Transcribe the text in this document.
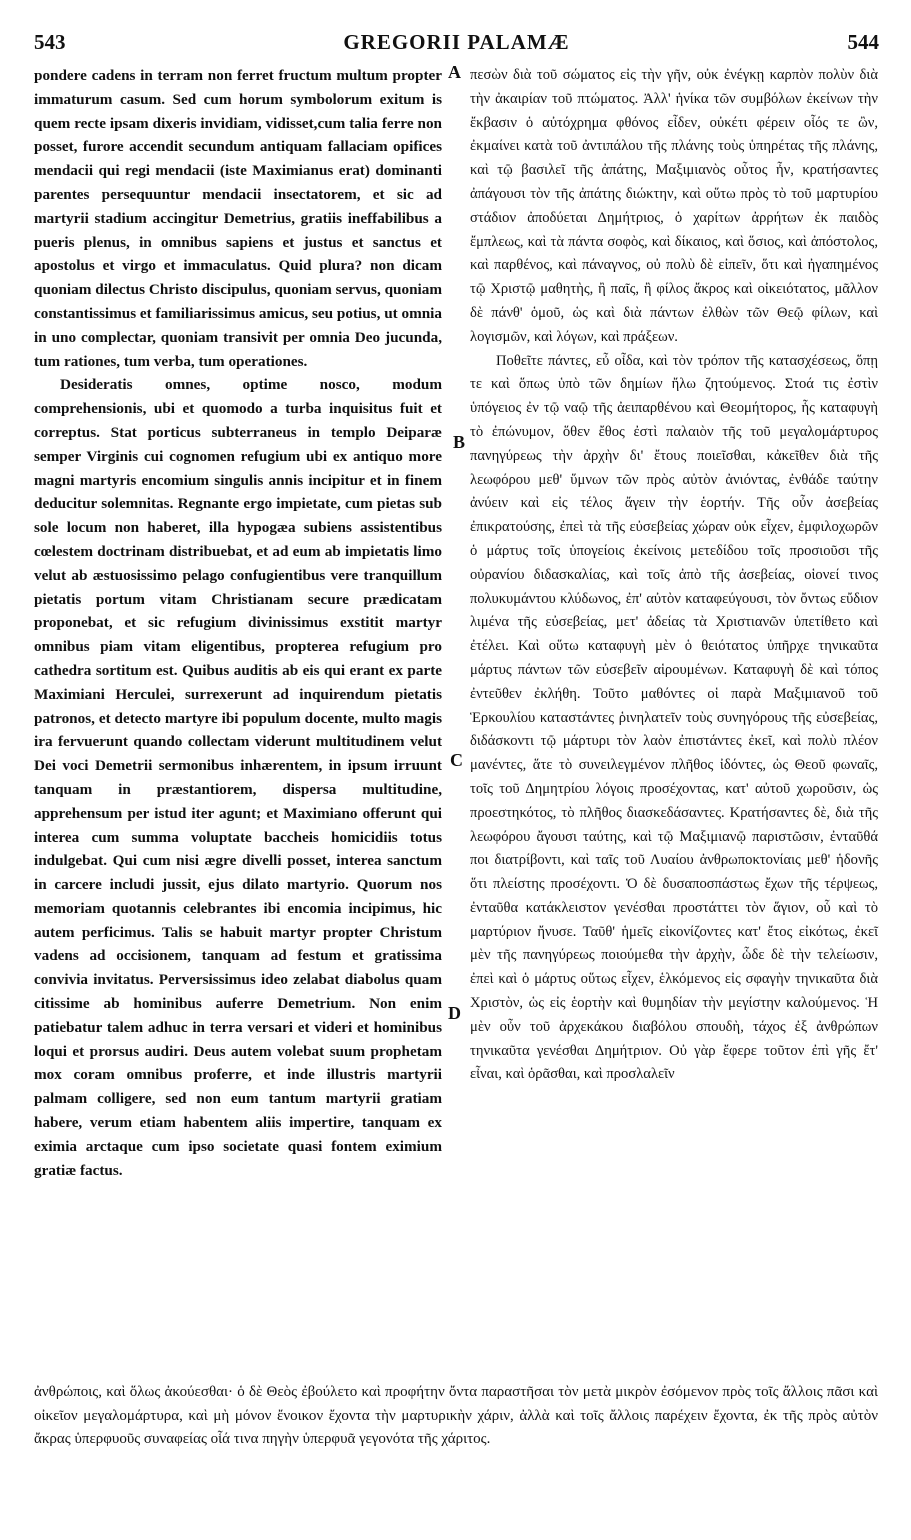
543	GREGORII PALAMÆ	544

pondere cadens in terram non ferret fructum multum propter immaturum casum. Sed cum horum symbolorum exitum is quem recte ipsam dixeris invidiam, vidisset,cum talia ferre non posset, furore accendit secundum antiquam fallaciam opifices mendacii qui regi mendacii (iste Maximianus erat) dominanti parentes persequuntur mendacii insectatorem, et sic ad martyrii stadium accingitur Demetrius, gratiis ineffabilibus a pueris plenus, in omnibus sapiens et justus et sanctus et apostolus et virgo et immaculatus. Quid plura? non dicam quoniam dilectus Christo discipulus, quoniam servus, quoniam constantissimus et familiarissimus amicus, seu potius, ut omnia in uno complectar, quoniam transivit per omnia Deo jucunda, tum rationes, tum verba, tum operationes.

Desideratis omnes, optime nosco, modum comprehensionis, ubi et quomodo a turba inquisitus fuit et correptus. Stat porticus subterraneus in templo Deiparæ semper Virginis cui cognomen refugium ubi ex antiquo more magni martyris encomium singulis annis incipitur et in finem deducitur solemnitas. Regnante ergo impietate, cum pietas sub sole locum non haberet, illa hypogæa subiens assistentibus cœlestem doctrinam distribuebat, et ad eum ab impietatis limo velut ab æstuosissimo pelago confugientibus vere tranquillum pietatis portum vitam Christianam secure prædicatam proponebat, et sic refugium divinissimus exstitit martyr omnibus piam vitam eligentibus, propterea refugium pro cathedra sortitum est. Quibus auditis ab eis qui erant ex parte Maximiani Herculei, surrexerunt ad inquirendum pietatis patronos, et detecto martyre ibi populum docente, multo magis ira fervuerunt quando collectam viderunt multitudinem velut Dei voci Demetrii sermonibus inhærentem, in ipsum irruunt tanquam in præstantiorem, dispersa multitudine, apprehensum per istud iter agunt; et Maximiano offerunt qui interea cum summa voluptate baccheis homicidiis totus indulgebat. Qui cum nisi ægre divelli posset, interea sanctum in carcere includi jussit, ejus dilato martyrio. Quorum nos memoriam quotannis celebrantes ibi encomia incipimus, hic autem perficimus. Talis se habuit martyr propter Christum vadens ad occisionem, tanquam ad festum et gratissima convivia invitatus. Perversissimus ideo zelabat diabolus quam citissime ab hominibus auferre Demetrium. Non enim patiebatur talem adhuc in terra versari et videri et hominibus loqui et prorsus audiri. Deus autem volebat suum prophetam mox coram omnibus proferre, et inde illustris martyrii palmam colligere, sed non eum tantum martyrii gratiam habere, verum etiam habentem aliis impertire, tanquam ex eximia arctaque cum ipso societate quasi fontem eximium gratiæ factus.

A
B
C
D

πεσὼν διὰ τοῦ σώματος εἰς τὴν γῆν, οὐκ ἐνέγκῃ καρπὸν πολὺν διὰ τὴν ἀκαιρίαν τοῦ πτώματος. Ἀλλ' ἡνίκα τῶν συμβόλων ἐκείνων τὴν ἔκβασιν ὁ αὐτόχρημα φθόνος εἶδεν, οὐκέτι φέρειν οἷός τε ὢν, ἐκμαίνει κατὰ τοῦ ἀντιπάλου τῆς πλάνης τοὺς ὑπηρέτας τῆς πλάνης, καὶ τῷ βασιλεῖ τῆς ἀπάτης, Μαξιμιανὸς οὗτος ἦν, κρατήσαντες ἀπάγουσι τὸν τῆς ἀπάτης διώκτην, καὶ οὕτω πρὸς τὸ τοῦ μαρτυρίου στάδιον ἀποδύεται Δημήτριος, ὁ χαρίτων ἀρρήτων ἐκ παιδὸς ἔμπλεως, καὶ τὰ πάντα σοφὸς, καὶ δίκαιος, καὶ ὅσιος, καὶ ἀπόστολος, καὶ παρθένος, καὶ πάναγνος, οὐ πολὺ δὲ εἰπεῖν, ὅτι καὶ ἠγαπημένος τῷ Χριστῷ μαθητὴς, ἢ παῖς, ἢ φίλος ἄκρος καὶ οἰκειότατος, μᾶλλον δὲ πάνθ' ὁμοῦ, ὡς καὶ διὰ πάντων ἐλθὼν τῶν Θεῷ φίλων, καὶ λογισμῶν, καὶ λόγων, καὶ πράξεων.

Ποθεῖτε πάντες, εὖ οἶδα, καὶ τὸν τρόπον τῆς κατασχέσεως, ὅπῃ τε καὶ ὅπως ὑπὸ τῶν δημίων ἤλω ζητούμενος. Στοά τις ἐστὶν ὑπόγειος ἐν τῷ ναῷ τῆς ἀειπαρθένου καὶ Θεομήτορος, ἧς καταφυγὴ τὸ ἐπώνυμον, ὅθεν ἔθος ἐστὶ παλαιὸν τῆς τοῦ μεγαλομάρτυρος πανηγύρεως τὴν ἀρχὴν δι' ἔτους ποιεῖσθαι, κἀκεῖθεν διὰ τῆς λεωφόρου μεθ' ὕμνων τῶν πρὸς αὐτὸν ἀνιόντας, ἐνθάδε ταύτην ἀνύειν καὶ εἰς τέλος ἄγειν τὴν ἑορτήν. Τῆς οὖν ἀσεβείας ἐπικρατούσης, ἐπεὶ τὰ τῆς εὐσεβείας χώραν οὐκ εἶχεν, ἐμφιλοχωρῶν ὁ μάρτυς τοῖς ὑπογείοις ἐκείνοις μετεδίδου τοῖς προσιοῦσι τῆς οὐρανίου διδασκαλίας, καὶ τοῖς ἀπὸ τῆς ἀσεβείας, οἱονεί τινος πολυκυμάντου κλύδωνος, ἐπ' αὐτὸν καταφεύγουσι, τὸν ὄντως εὔδιον λιμένα τῆς εὐσεβείας, μετ' ἀδείας τὰ Χριστιανῶν ὑπετίθετο καὶ ἐτέλει. Καὶ οὕτω καταφυγὴ μὲν ὁ θειότατος ὑπῆρχε τηνικαῦτα μάρτυς πάντων τῶν εὐσεβεῖν αἱρουμένων. Καταφυγὴ δὲ καὶ τόπος ἐντεῦθεν ἐκλήθη. Τοῦτο μαθόντες οἱ παρὰ Μαξιμιανοῦ τοῦ Ἑρκουλίου καταστάντες ῥινηλατεῖν τοὺς συνηγόρους τῆς εὐσεβείας, διδάσκοντι τῷ μάρτυρι τὸν λαὸν ἐπιστάντες ἐκεῖ, καὶ πολὺ πλέον μανέντες, ἅτε τὸ συνειλεγμένον πλῆθος ἰδόντες, ὡς Θεοῦ φωναῖς, τοῖς τοῦ Δημητρίου λόγοις προσέχοντας, κατ' αὐτοῦ χωροῦσιν, ὡς προεστηκότος, τὸ πλῆθος διασκεδάσαντες. Κρατήσαντες δὲ, διὰ τῆς λεωφόρου ἄγουσι ταύτης, καὶ τῷ Μαξιμιανῷ παριστῶσιν, ἐνταῦθά ποι διατρίβοντι, καὶ ταῖς τοῦ Λυαίου ἀνθρωποκτονίαις μεθ' ἡδονῆς ὅτι πλείστης προσέχοντι. Ὁ δὲ δυσαποσπάστως ἔχων τῆς τέρψεως, ἐνταῦθα κατάκλειστον γενέσθαι προστάττει τὸν ἅγιον, οὗ καὶ τὸ μαρτύριον ἤνυσε. Ταῦθ' ἡμεῖς εἰκονίζοντες κατ' ἔτος εἰκότως, ἐκεῖ μὲν τῆς πανηγύρεως ποιούμεθα τὴν ἀρχὴν, ὧδε δὲ τὴν τελείωσιν, ἐπεὶ καὶ ὁ μάρτυς οὕτως εἶχεν, ἑλκόμενος εἰς σφαγὴν τηνικαῦτα διὰ Χριστὸν, ὡς εἰς ἑορτὴν καὶ θυμηδίαν τὴν μεγίστην καλούμενος. Ἡ μὲν οὖν τοῦ ἀρχεκάκου διαβόλου σπουδὴ, τάχος ἐξ ἀνθρώπων τηνικαῦτα γενέσθαι Δημήτριον. Οὐ γὰρ ἔφερε τοῦτον ἐπὶ γῆς ἔτ' εἶναι, καὶ ὁρᾶσθαι, καὶ προσλαλεῖν

ἀνθρώποις, καὶ ὅλως ἀκούεσθαι· ὁ δὲ Θεὸς ἐβούλετο καὶ προφήτην ὄντα παραστῆσαι τὸν μετὰ μικρὸν ἐσόμενον πρὸς τοῖς ἄλλοις πᾶσι καὶ οἰκεῖον μεγαλομάρτυρα, καὶ μὴ μόνον ἔνοικον ἔχοντα τὴν μαρτυρικὴν χάριν, ἀλλὰ καὶ τοῖς ἄλλοις παρέχειν ἔχοντα, ἐκ τῆς πρὸς αὐτὸν ἄκρας ὑπερφυοῦς συναφείας οἷά τινα πηγὴν ὑπερφυᾶ γεγονότα τῆς χάριτος.
